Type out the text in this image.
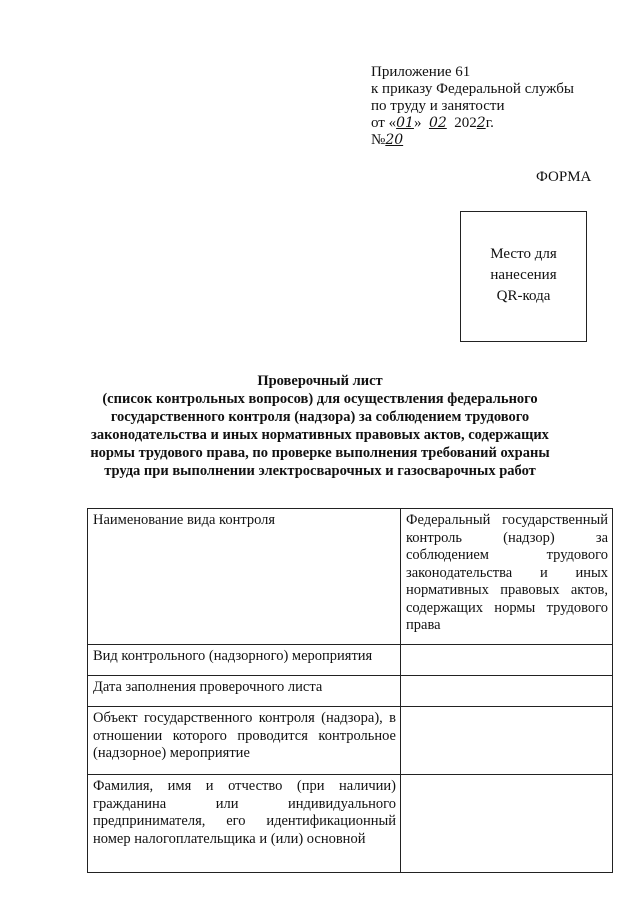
Приложение 61
к приказу Федеральной службы
по труду и занятости
от «01» 02 2022г.
№20
ФОРМА
Место для
нанесения
QR-кода
Проверочный лист
(список контрольных вопросов) для осуществления федерального
государственного контроля (надзора) за соблюдением трудового
законодательства и иных нормативных правовых актов, содержащих
нормы трудового права, по проверке выполнения требований охраны
труда при выполнении электросварочных и газосварочных работ
Наименование вида контроля	Федеральный государственный контроль (надзор) за соблюдением трудового законодательства и иных нормативных правовых актов, содержащих нормы трудового права
Вид контрольного (надзорного) мероприятия	
Дата заполнения проверочного листа	
Объект государственного контроля (надзора), в отношении которого проводится контрольное (надзорное) мероприятие	
Фамилия, имя и отчество (при наличии) гражданина или индивидуального предпринимателя, его идентификационный номер налогоплательщика и (или) основной	
